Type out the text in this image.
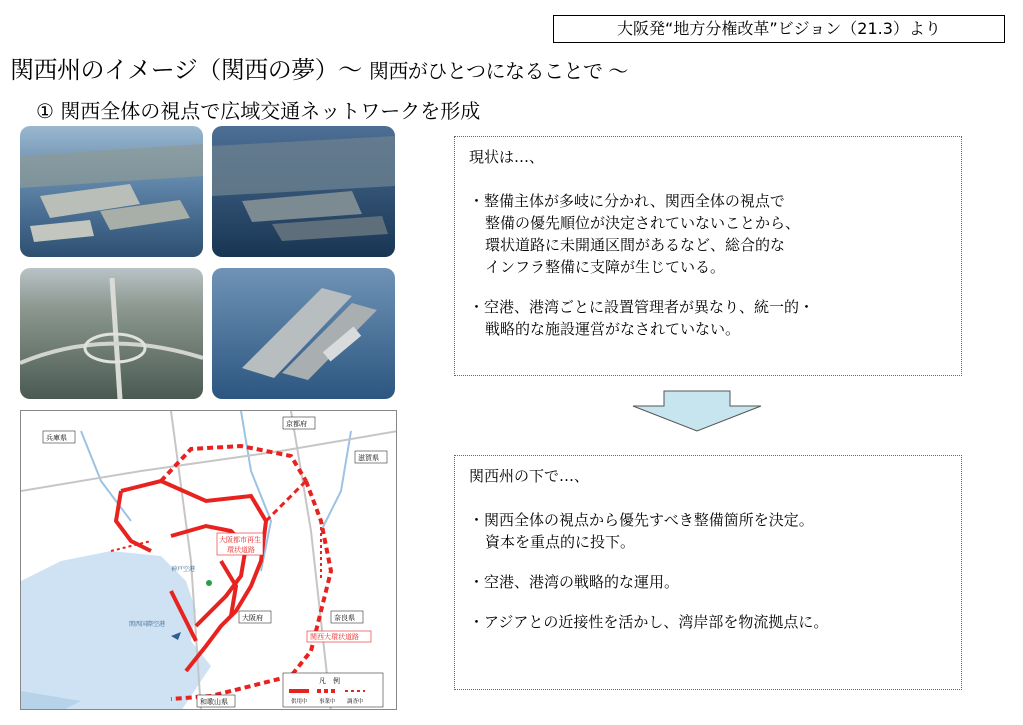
大阪発“地方分権改革”ビジョン（21.3）より
関西州のイメージ（関西の夢）～ 関西がひとつになることで ～
① 関西全体の視点で広域交通ネットワークを形成
兵庫県
京都府
滋賀県
大阪府	奈良県
和歌山県
関西大環状道路
大阪都市再生
環状道路
関西国際空港
神戸空港
凡　例
供用中 事業中 調査中
現状は…、
・整備主体が多岐に分かれ、関西全体の視点で
整備の優先順位が決定されていないことから、
環状道路に未開通区間があるなど、総合的な
インフラ整備に支障が生じている。
・空港、港湾ごとに設置管理者が異なり、統一的・
戦略的な施設運営がなされていない。
関西州の下で…、
・関西全体の視点から優先すべき整備箇所を決定。
資本を重点的に投下。
・空港、港湾の戦略的な運用。
・アジアとの近接性を活かし、湾岸部を物流拠点に。
